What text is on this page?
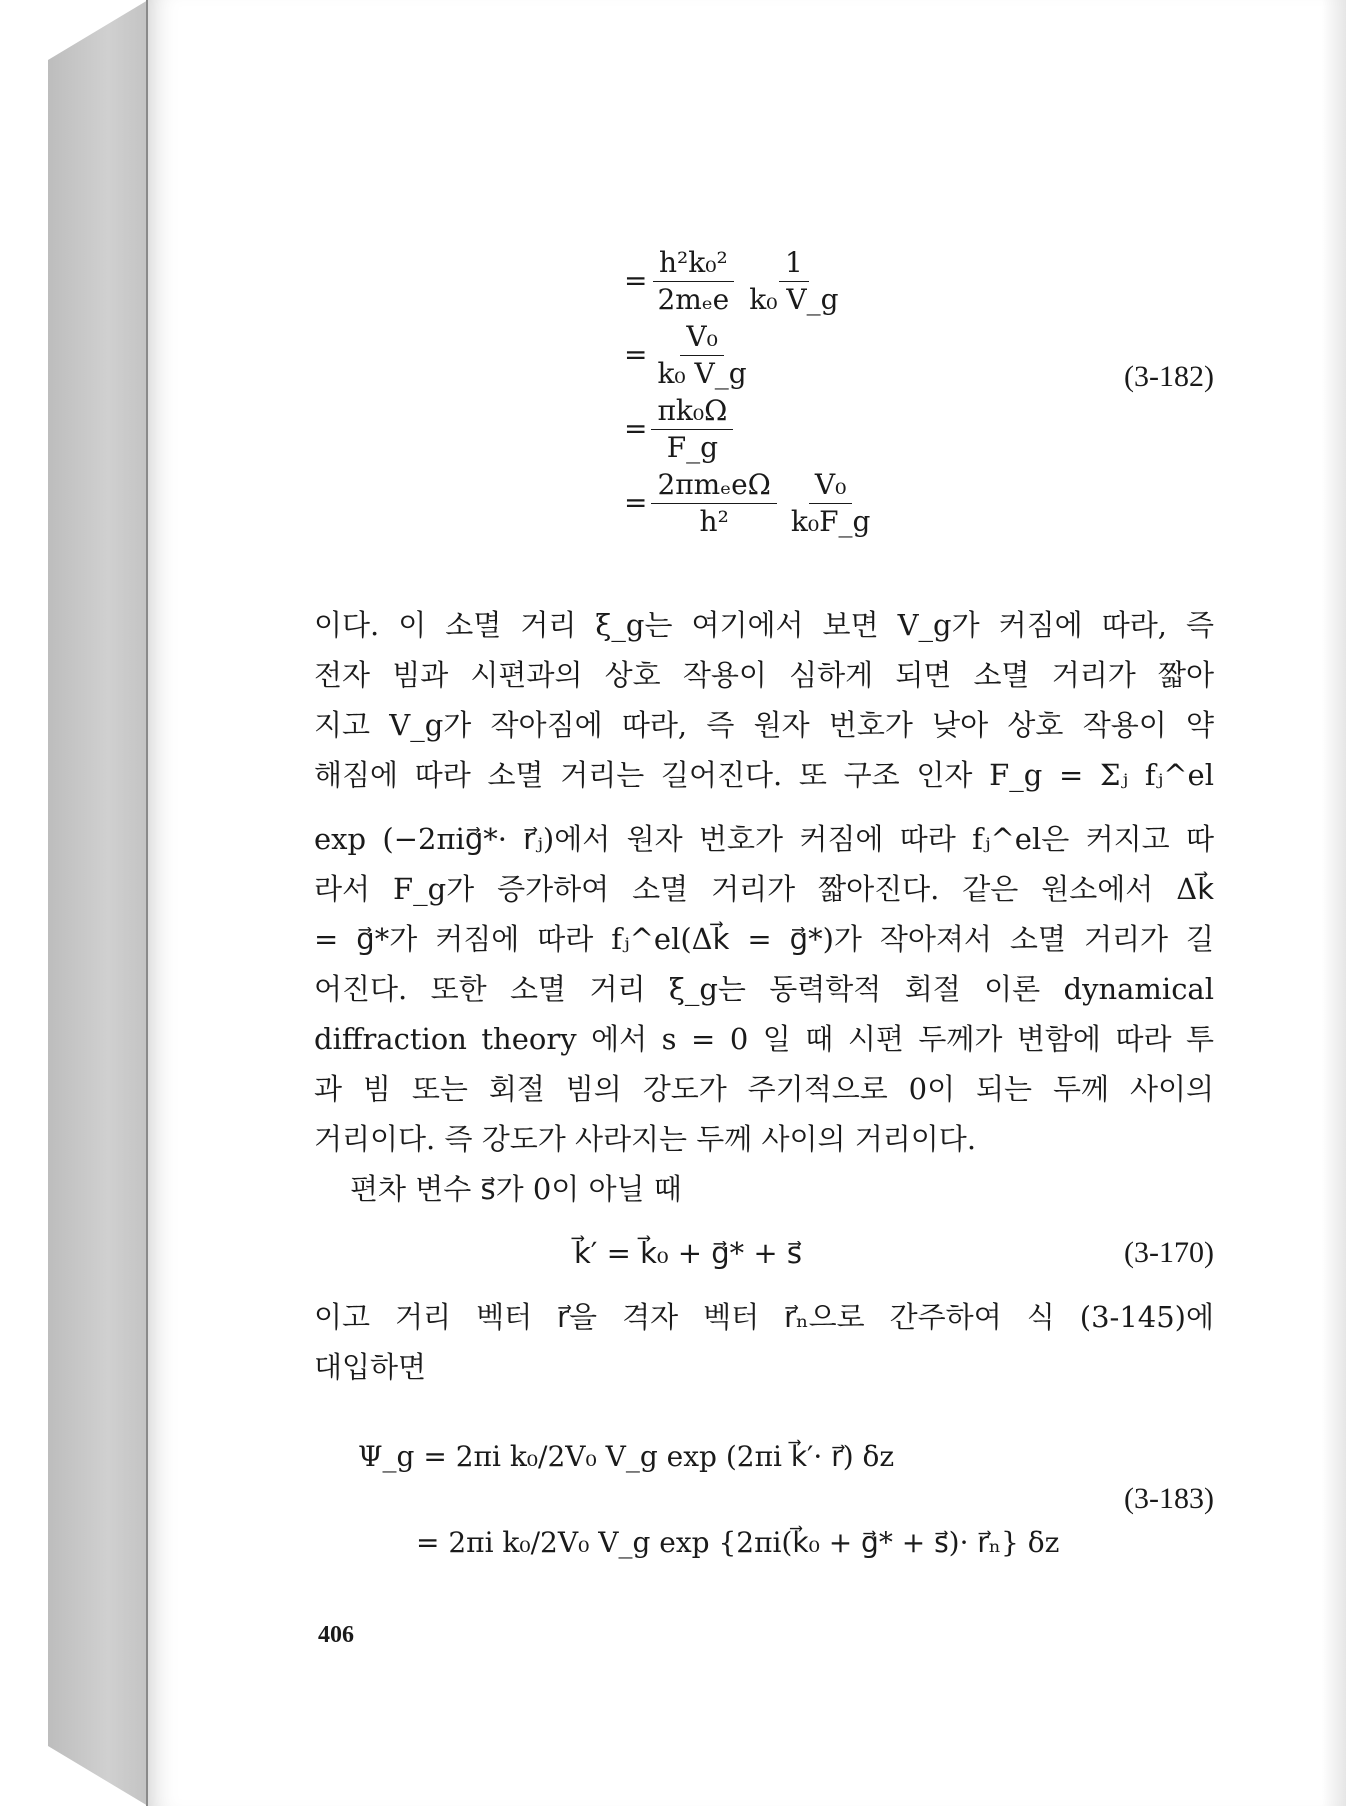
= $\frac{\text{h²k₀²}}{\text{2mₑe}} \frac{1}{\text{k₀ V\_g}}$
= $\frac{\text{V₀}}{\text{k₀ V\_g}}$
= $\frac{\text{πk₀Ω}}{F\_g}$
= $\frac{\text{2πmₑeΩ}}{\text{h²}} \frac{\text{V₀}}{\text{k₀F\_g}}$
(3-182)
이다. 이 소멸 거리 ξ_g는 여기에서 보면 V_g가 커짐에 따라, 즉
전자 빔과 시편과의 상호 작용이 심하게 되면 소멸 거리가 짧아
지고 V_g가 작아짐에 따라, 즉 원자 번호가 낮아 상호 작용이 약
해짐에 따라 소멸 거리는 길어진다. 또 구조 인자 F_g = Σⱼ fⱼ^el
exp (−2πig⃗*· r⃗ⱼ)에서 원자 번호가 커짐에 따라 fⱼ^el은 커지고 따
라서 F_g가 증가하여 소멸 거리가 짧아진다. 같은 원소에서 Δk⃗
= g⃗*가 커짐에 따라 fⱼ^el(Δk⃗ = g⃗*)가 작아져서 소멸 거리가 길
어진다. 또한 소멸 거리 ξ_g는 동력학적 회절 이론 dynamical
diffraction theory 에서 s = 0 일 때 시편 두께가 변함에 따라 투
과 빔 또는 회절 빔의 강도가 주기적으로 0이 되는 두께 사이의
거리이다. 즉 강도가 사라지는 두께 사이의 거리이다.
편차 변수 s⃗가 0이 아닐 때
k⃗′ = k⃗₀ + g⃗* + s⃗	(3-170)
이고 거리 벡터 r⃗을 격자 벡터 r⃗ₙ으로 간주하여 식 (3-145)에
대입하면
Ψ_g = 2πi k₀/2V₀ V_g exp (2πi k⃗′· r⃗) δz
= 2πi k₀/2V₀ V_g exp {2πi(k⃗₀ + g⃗* + s⃗)· r⃗ₙ} δz
(3-183)
406
